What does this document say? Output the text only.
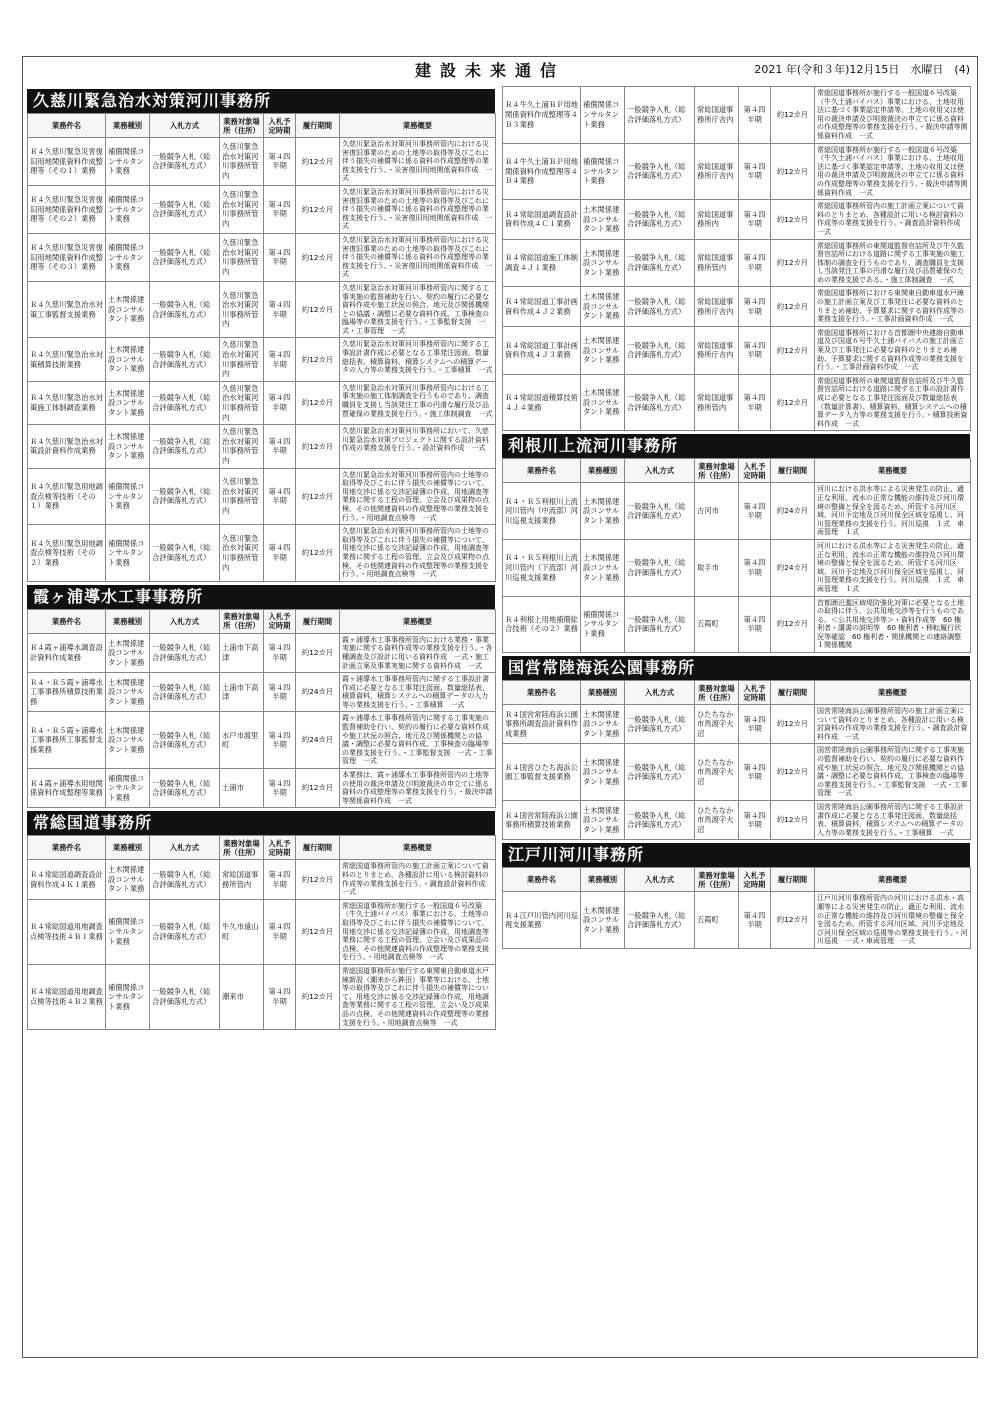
建設未来通信	2021 年(令和３年)12月15日　水曜日　(4)
久慈川緊急治水対策河川事務所
業務件名	業務種別	入札方式	業務対象場所（住所）	入札予定時期	履行期間	業務概要
Ｒ４久慈川緊急災害復旧用地関係資料作成整理等（その１）業務	補償関係コンサルタント業務	一般競争入札（総合評価落札方式）	久慈川緊急治水対策河川事務所管内	第４四半期	約12カ月	久慈川緊急治水対策河川事務所管内における災害復旧事業のための土地等の取得等及びこれに伴う損失の補償等に係る資料の作成整理等の業務支援を行う。・災害復旧用地関係資料作成　一式
Ｒ４久慈川緊急災害復旧用地関係資料作成整理等（その２）業務	補償関係コンサルタント業務	一般競争入札（総合評価落札方式）	久慈川緊急治水対策河川事務所管内	第４四半期	約12カ月	久慈川緊急治水対策河川事務所管内における災害復旧事業のための土地等の取得等及びこれに伴う損失の補償等に係る資料の作成整理等の業務支援を行う。・災害復旧用地関係資料作成　一式
Ｒ４久慈川緊急災害復旧用地関係資料作成整理等（その３）業務	補償関係コンサルタント業務	一般競争入札（総合評価落札方式）	久慈川緊急治水対策河川事務所管内	第４四半期	約12カ月	久慈川緊急治水対策河川事務所管内における災害復旧事業のための土地等の取得等及びこれに伴う損失の補償等に係る資料の作成整理等の業務支援を行う。・災害復旧用地関係資料作成　一式
Ｒ４久慈川緊急治水対策工事監督支援業務	土木関係建設コンサルタント業務	一般競争入札（総合評価落札方式）	久慈川緊急治水対策河川事務所管内	第４四半期	約12カ月	久慈川緊急治水対策河川事務所管内に関する工事実施の監督補助を行い、契約の履行に必要な資料作成や施工状況の照合、地元及び関係機関との協議・調整に必要な資料作成、工事検査の臨場等の業務支援を行う。・工事監督支援　一式・工事管理　一式
Ｒ４久慈川緊急治水対策積算技術業務	土木関係建設コンサルタント業務	一般競争入札（総合評価落札方式）	久慈川緊急治水対策河川事務所管内	第４四半期	約12カ月	久慈川緊急治水対策河川事務所管内に関する工事設計書作成に必要となる工事発注図面、数量総括表、積算資料、積算システムへの積算データの入力等の業務支援を行う。・工事積算　一式
Ｒ４久慈川緊急治水対策施工体制調査業務	土木関係建設コンサルタント業務	一般競争入札（総合評価落札方式）	久慈川緊急治水対策河川事務所管内	第４四半期	約12カ月	久慈川緊急治水対策河川事務所管内における工事実施の施工体制調査を行うものであり、調査職員を支援し当該発注工事の円滑な履行及び品質確保の業務支援を行う。・施工体制調査　一式
Ｒ４久慈川緊急治水対策設計資料作成業務	土木関係建設コンサルタント業務	一般競争入札（総合評価落札方式）	久慈川緊急治水対策河川事務所管内	第４四半期	約12カ月	久慈川緊急治水対策河川事務所において、久慈川緊急治水対策プロジェクトに関する設計資料作成の業務支援を行う。・設計資料作成　一式
Ｒ４久慈川緊急用地調査点検等技術（その１）業務	補償関係コンサルタント業務	一般競争入札（総合評価落札方式）	久慈川緊急治水対策河川事務所管内	第４四半期	約12カ月	久慈川緊急治水対策河川事務所管内の土地等の取得等及びこれに伴う損失の補償等について、用地交渉に係る交渉記録簿の作成、用地調査等業務に関する工程の管理、立会及び成果物の点検、その他関連資料の作成整理等の業務支援を行う。・用地調査点検等　一式
Ｒ４久慈川緊急用地調査点検等技術（その２）業務	補償関係コンサルタント業務	一般競争入札（総合評価落札方式）	久慈川緊急治水対策河川事務所管内	第４四半期	約12カ月	久慈川緊急治水対策河川事務所管内の土地等の取得等及びこれに伴う損失の補償等について、用地交渉に係る交渉記録簿の作成、用地調査等業務に関する工程の管理、立会及び成果物の点検、その他関連資料の作成整理等の業務支援を行う。・用地調査点検等　一式
霞ヶ浦導水工事事務所
業務件名	業務種別	入札方式	業務対象場所（住所）	入札予定時期	履行期間	業務概要
Ｒ４霞ヶ浦導水調査設計資料作成業務	土木関係建設コンサルタント業務	一般競争入札（総合評価落札方式）	土浦市下高津	第４四半期	約12カ月	霞ヶ浦導水工事事務所管内における業務・事業実施に関する資料作成等の業務支援を行う。・各種調査及び設計に用いる資料作成　一式・施工計画立案及事業実施に関する資料作成　一式
Ｒ４・Ｒ５霞ヶ浦導水工事事務所積算技術業務	土木関係建設コンサルタント業務	一般競争入札（総合評価落札方式）	土浦市下高津	第４四半期	約24カ月	霞ヶ浦導水工事事務所管内に関する工事設計書作成に必要となる工事発注図面、数量総括表、積算資料、積算システムへの積算データの入力等の業務支援を行う。・工事積算　一式
Ｒ４・Ｒ５霞ヶ浦導水工事事務所工事監督支援業務	土木関係建設コンサルタント業務	一般競争入札（総合評価落札方式）	水戸市渡里町	第４四半期	約24カ月	霞ヶ浦導水工事事務所管内に関する工事実施の監督補助を行い、契約の履行に必要な資料作成や施工状況の照合、地元及び関係機関との協議・調整に必要な資料作成、工事検査の臨場等の業務支援を行う。・工事監督支援　一式・工事管理　一式
Ｒ４霞ヶ浦導水用地関係資料作成整理等業務	補償関係コンサルタント業務	一般競争入札（総合評価落札方式）	土浦市	第４四半期	約12カ月	本業務は、霞ヶ浦導水工事事務所管内の土地等の使用の裁決申請及び明渡裁決の申立てに係る資料の作成整理等の業務支援を行う。・裁決申請等関係資料作成　一式
常総国道事務所
業務件名	業務種別	入札方式	業務対象場所（住所）	入札予定時期	履行期間	業務概要
Ｒ４常総国道調査設計資料作成４Ｋ１業務	土木関係建設コンサルタント業務	一般競争入札（総合評価落札方式）	常総国道事務所管内	第４四半期	約12カ月	常総国道事務所管内の施工計画立案について資料のとりまとめ、各種設計に用いる検討資料の作成等の業務支援を行う。・調査設計資料作成　一式
Ｒ４常総国道用地調査点検等技術４Ｂ１業務	補償関係コンサルタント業務	一般競争入札（総合評価落札方式）	牛久市遠山町	第４四半期	約12カ月	常総国道事務所が施行する一般国道６号改築（牛久土浦バイパス）事業における、土地等の取得等及びこれに伴う損失の補償等について、用地交渉に係る交渉記録簿の作成、用地調査等業務に関する工程の管理、立会い及び成果品の点検、その他関連資料の作成整理等の業務支援を行う。・用地調査点検等　一式
Ｒ４常総国道用地調査点検等技術４Ｂ２業務	補償関係コンサルタント業務	一般競争入札（総合評価落札方式）	潮来市	第４四半期	約12カ月	常総国道事務所が施行する東関東自動車道水戸線新設（潮来から鉾田）事業等における、土地等の取得等及びこれに伴う損失の補償等について、用地交渉に係る交渉記録簿の作成、用地調査等業務に関する工程の管理、立会い及び成果品の点検、その他関連資料の作成整理等の業務支援を行う。・用地調査点検等　一式
Ｒ４牛久土浦ＢＰ用地関係資料作成整理等４Ｂ３業務	補償関係コンサルタント業務	一般競争入札（総合評価落札方式）	常総国道事務所庁舎内	第４四半期	約12カ月	常総国道事務所が施行する一般国道６号改築（牛久土浦バイパス）事業における、土地収用法に基づく事業認定申請等、土地の収用又は使用の裁決申請及び明渡裁決の申立てに係る資料の作成整理等の業務支援を行う。・裁決申請等関係資料作成　一式
Ｒ４牛久土浦ＢＰ用地関係資料作成整理等４Ｂ４業務	補償関係コンサルタント業務	一般競争入札（総合評価落札方式）	常総国道事務所庁舎内	第４四半期	約12カ月	常総国道事務所が施行する一般国道６号改築（牛久土浦バイパス）事業における、土地収用法に基づく事業認定申請等、土地の収用又は使用の裁決申請及び明渡裁決の申立てに係る資料の作成整理等の業務支援を行う。・裁決申請等関係資料作成　一式
Ｒ４常総国道調査設計資料作成４Ｃ１業務	土木関係建設コンサルタント業務	一般競争入札（総合評価落札方式）	常総国道事務所内	第４四半期	約12カ月	常総国道事務所管内の施工計画立案について資料のとりまとめ、各種設計に用いる検討資料の作成等の業務支援を行う。・調査設計資料作成　一式
Ｒ４常総国道施工体制調査４Ｊ１業務	土木関係建設コンサルタント業務	一般競争入札（総合評価落札方式）	常総国道事務所管内	第４四半期	約12カ月	常総国道事務所の東関道監督官詰所及び牛久監督官詰所における道路に関する工事実施の施工体制の調査を行うものであり、調査職員を支援し当該発注工事の円滑な履行及び品質確保のための業務支援である。・施工体制調査　一式
Ｒ４常総国道工事計画資料作成４Ｊ２業務	土木関係建設コンサルタント業務	一般競争入札（総合評価落札方式）	常総国道事務所庁舎内	第４四半期	約12カ月	常総国道事務所における東関東自動車道水戸線の施工計画立案及び工事発注に必要な資料のとりまとめ補助、予算要求に関する資料作成等の業務支援を行う。・工事計画資料作成　一式
Ｒ４常総国道工事計画資料作成４Ｊ３業務	土木関係建設コンサルタント業務	一般競争入札（総合評価落札方式）	常総国道事務所庁舎内	第４四半期	約12カ月	常総国道事務所における首都圏中央連絡自動車道及び国道６号牛久土浦バイパスの施工計画立案及び工事発注に必要な資料のとりまとめ補助、予算要求に関する資料作成等の業務支援を行う。・工事計画資料作成　一式
Ｒ４常総国道積算技術４Ｊ４業務	土木関係建設コンサルタント業務	一般競争入札（総合評価落札方式）	常総国道事務所管内	第４四半期	約12カ月	常総国道事務所の東関道監督官詰所及び牛久監督官詰所における道路に関する工事の設計書作成に必要となる工事発注図面及び数量総括表（数量計算書）、積算資料、積算システムへの積算データ入力等の業務支援を行う。・積算技術資料作成　一式
利根川上流河川事務所
業務件名	業務種別	入札方式	業務対象場所（住所）	入札予定時期	履行期間	業務概要
Ｒ４・Ｒ５利根川上流河川管内（中流部）河川巡視支援業務	土木関係建設コンサルタント業務	一般競争入札（総合評価落札方式）	古河市	第４四半期	約24カ月	河川における洪水等による災害発生の防止、適正な利用、流水の正常な機能の維持及び河川環境の整備と保全を図るため、所管する河川区域、河川予定地及び河川保全区域を巡視し、河川管理業務の支援を行う。河川巡視　１式　車両管理　１式
Ｒ４・Ｒ５利根川上流河川管内（下流部）河川巡視支援業務	土木関係建設コンサルタント業務	一般競争入札（総合評価落札方式）	取手市	第４四半期	約24カ月	河川における洪水等による災害発生の防止、適正な利用、流水の正常な機能の維持及び河川環境の整備と保全を図るため、所管する河川区域、河川予定地及び河川保全区域を巡視し、河川管理業務の支援を行う。河川巡視　１式　車両管理　１式
Ｒ４利根上用地補償総合技術（その２）業務	補償関係コンサルタント業務	一般競争入札（総合評価落札方式）	五霞町	第４四半期	約12カ月	首都圏氾濫区域堤防強化対策に必要となる土地の取得に伴う、公共用地交渉等を行うものである。＜公共用地交渉等＞・資料作成等　60 権利者・講書の説明等　60 権利者・移転履行状況等確認　60 権利者・関係機関との連絡調整　１関係機関
国営常陸海浜公園事務所
業務件名	業務種別	入札方式	業務対象場所（住所）	入札予定時期	履行期間	業務概要
Ｒ４国営常陸海浜公園事務所調査設計資料作成業務	土木関係建設コンサルタント業務	一般競争入札（総合評価落札方式）	ひたちなか市馬渡字大沼	第４四半期	約12カ月	国営常陸海浜公園事務所管内の施工計画立案について資料のとりまとめ、各種設計に用いる検討資料の作成等の業務支援を行う。・調査設計資料作成　一式
Ｒ４国営ひたち海浜公園工事監督支援業務	土木関係建設コンサルタント業務	一般競争入札（総合評価落札方式）	ひたちなか市馬渡字大沼	第４四半期	約12カ月	国営常陸海浜公園事務所管内に関する工事実施の監督補助を行い、契約の履行に必要な資料作成や施工状況の照合、地元及び関係機関との協議・調整に必要な資料作成、工事検査の臨場等の業務支援を行う。・工事監督支援　一式・工事管理　一式
Ｒ４国営常陸海浜公園事務所積算技術業務	土木関係建設コンサルタント業務	一般競争入札（総合評価落札方式）	ひたちなか市馬渡字大沼	第４四半期	約12カ月	国営常陸海浜公園事務所管内に関する工事設計書作成に必要となる工事発注図面、数量総括表、積算資料、積算システムへの積算データの入力等の業務支援を行う。・工事積算　一式
江戸川河川事務所
業務件名	業務種別	入札方式	業務対象場所（住所）	入札予定時期	履行期間	業務概要
Ｒ４江戸川管内河川巡視支援業務	土木関係建設コンサルタント業務	一般競争入札（総合評価落札方式）	五霞町	第４四半期	約12カ月	江戸川河川事務所管内の河川における洪水・高潮等による災害発生の防止、適正な利用、流水の正常な機能の維持及び河川環境の整備と保全を図るため、所管する河川区域、河川予定地及び河川保全区域の巡視等の業務支援を行う。・河川巡視　一式・車両管理　一式
